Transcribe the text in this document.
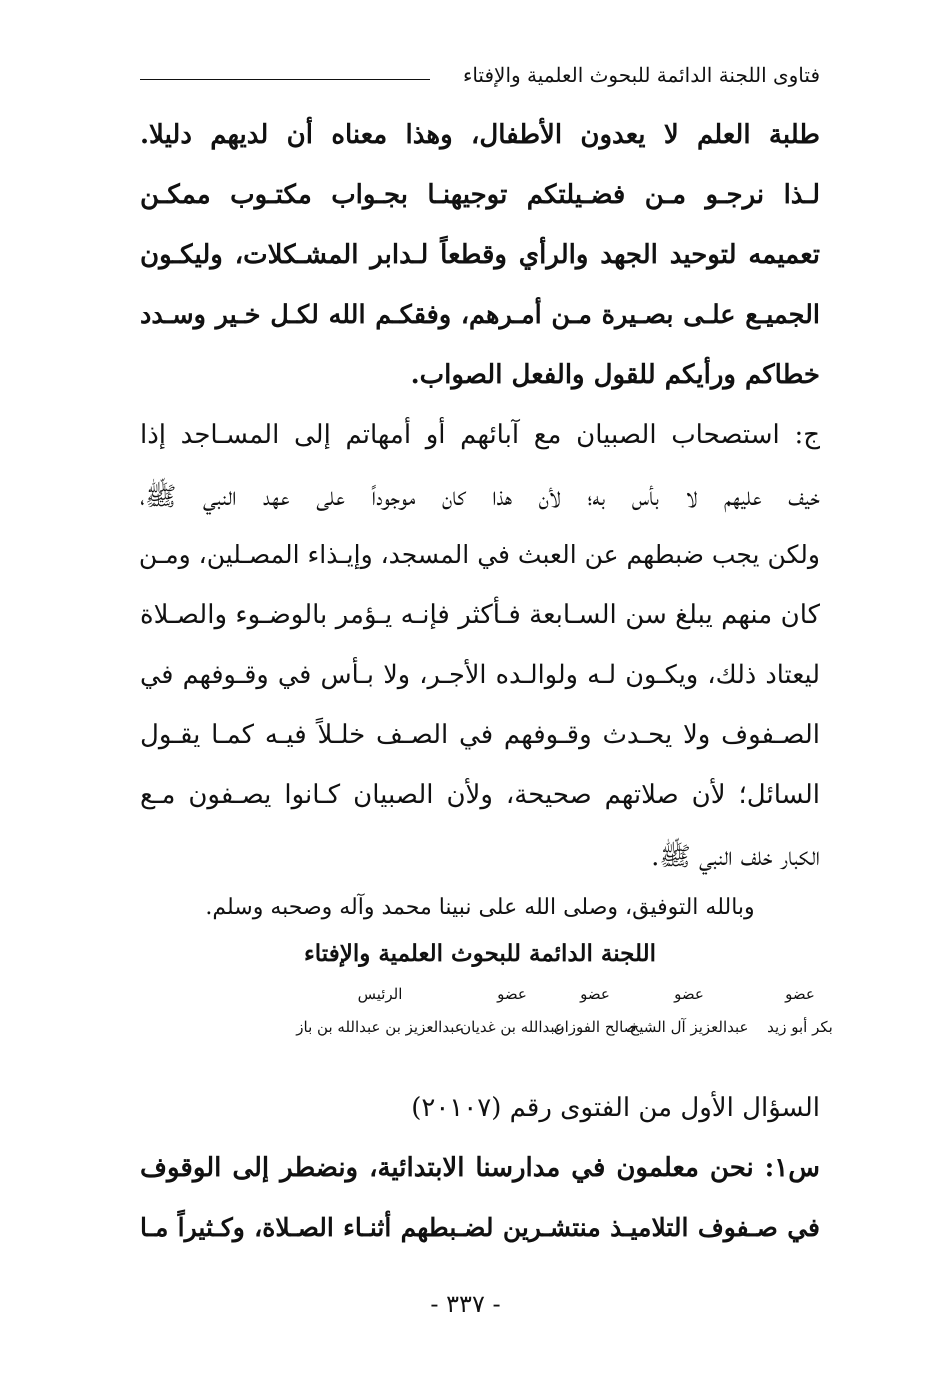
فتاوى اللجنة الدائمة للبحوث العلمية والإفتاء
طلبة العلم لا يعدون الأطفال، وهذا معناه أن لديهم دليلا.
لـذا نرجـو مـن فضـيلتكم توجيهنـا بجـواب مكتـوب ممكـن
تعميمه لتوحيد الجهد والرأي وقطعاً لـدابر المشـكلات، وليكـون
الجميـع علـى بصـيرة مـن أمـرهم، وفقكـم الله لكـل خـير وسـدد
خطاكم ورأيكم للقول والفعل الصواب.
ج: استصحاب الصبيان مع آبائهم أو أمهاتم إلى المسـاجد إذا
خيف عليهم لا بأس به؛ لأن هذا كان موجوداً على عهد النبي ﷺ،
ولكن يجب ضبطهم عن العبث في المسجد، وإيـذاء المصـلين، ومـن
كان منهم يبلغ سن السـابعة فـأكثر فإنـه يـؤمر بالوضـوء والصـلاة
ليعتاد ذلك، ويكـون لـه ولوالـده الأجـر، ولا بـأس في وقـوفهم في
الصـفوف ولا يحـدث وقـوفهم في الصـف خلـلاً فيـه كمـا يقـول
السائل؛ لأن صلاتهم صحيحة، ولأن الصبيان كـانوا يصـفون مـع
الكبار خلف النبي ﷺ.
وبالله التوفيق، وصلى الله على نبينا محمد وآله وصحبه وسلم.
اللجنة الدائمة للبحوث العلمية والإفتاء
عضو
عضو
عضو
عضو
الرئيس
بكر أبو زيد
عبدالعزيز آل الشيخ
صالح الفوزان
عبدالله بن غديان
عبدالعزيز بن عبدالله بن باز
السؤال الأول من الفتوى رقم (٢٠١٠٧)
س١: نحن معلمون في مدارسنا الابتدائية، ونضطر إلى الوقوف
في صـفوف التلاميـذ منتشـرين لضـبطهم أثنـاء الصـلاة، وكـثيراً مـا
- ٣٣٧ -
